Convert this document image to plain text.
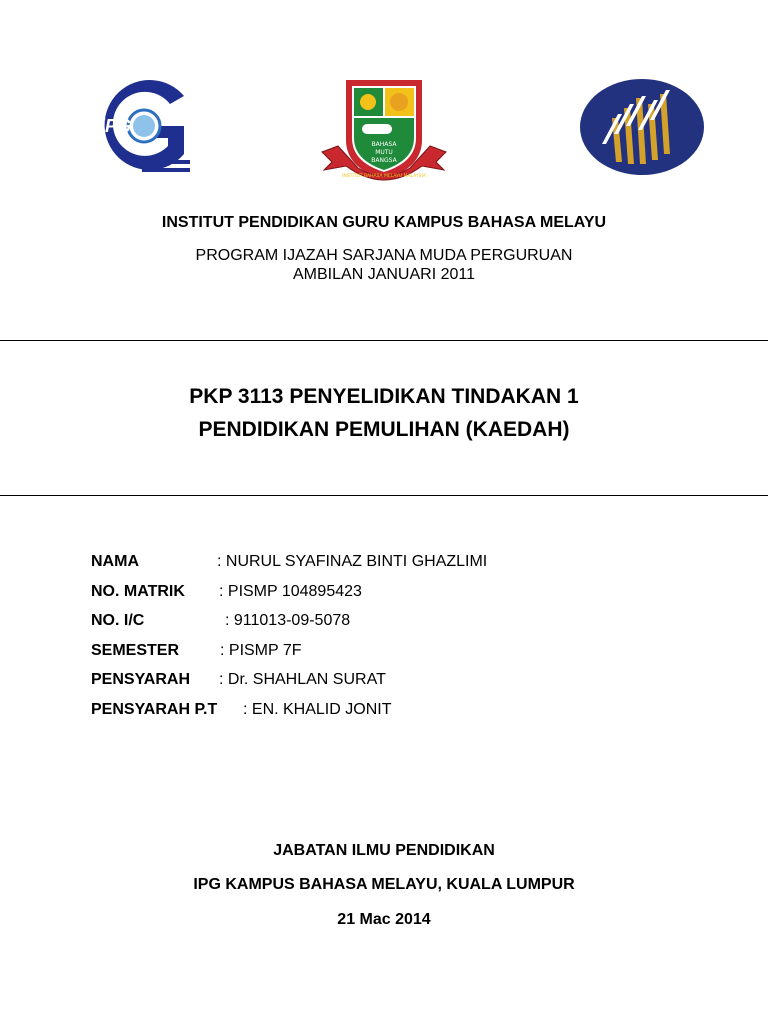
iPG
BAHASA
MUTU
BANGSA
INSTITUT BAHASA MELAYU MALAYSIA
INSTITUT PENDIDIKAN GURU KAMPUS BAHASA MELAYU
PROGRAM IJAZAH SARJANA MUDA PERGURUAN
AMBILAN JANUARI 2011
PKP 3113 PENYELIDIKAN TINDAKAN 1
PENDIDIKAN PEMULIHAN (KAEDAH)
NAMA	: NURUL SYAFINAZ BINTI GHAZLIMI
NO. MATRIK : PISMP 104895423
NO. I/C	: 911013-09-5078
SEMESTER	: PISMP 7F
PENSYARAH : Dr. SHAHLAN SURAT
PENSYARAH P.T : EN. KHALID JONIT
JABATAN ILMU PENDIDIKAN
IPG KAMPUS BAHASA MELAYU, KUALA LUMPUR
21 Mac 2014
